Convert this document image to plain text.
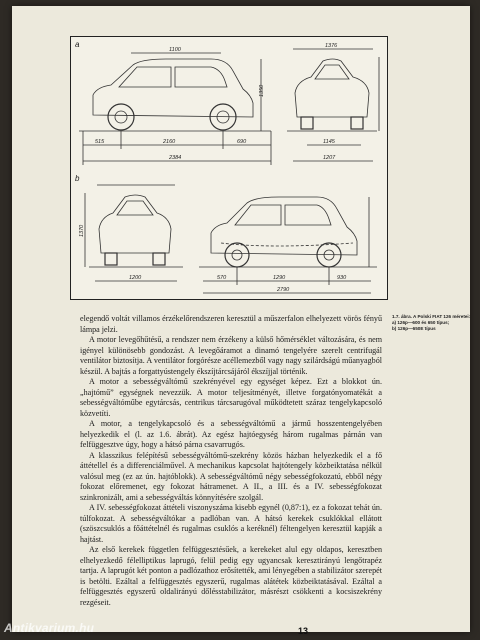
a
b
1100
1350
515	2160	690
2384
1376
1145
1207
1370
1200	570	1290	930
2790
1.7. ábra. A Polski FIAT 126 méretei:
a) 126p—600 és 650 típus;
b) 126p—650E típus

elegendő voltát villamos érzékelőrendszeren keresztül a műszerfalon elhelyezett vörös fényű lámpa jelzi.

A motor levegőhűtésű, a rendszer nem érzékeny a külső hőmérséklet változására, és nem igényel különösebb gondozást. A levegőáramot a dinamó tengelyére szerelt centrifugál ventilátor biztosítja. A ventilátor forgórésze acéllemezből vagy nagy szilárdságú műanyagból készül. A bajtás a forgattyústengely ékszíjtárcsájáról ékszíjjal történik.

A motor a sebességváltómű szekrényével egy egységet képez. Ezt a blokkot ún. „hajtómű” egységnek nevezzük. A motor teljesítményét, illetve forgatónyomatékát a sebességváltóműbe egytárcsás, centrikus tárcsarugóval működtetett száraz tengelykapcsoló közvetíti.

A motor, a tengelykapcsoló és a sebességváltómű a jármű hosszentengelyében helyezkedik el (l. az 1.6. ábrát). Az egész hajtóegység három rugalmas párnán van felfüggesztve úgy, hogy a hátsó párna csavarrugós.

A klasszikus felépítésű sebességváltómű-szekrény közös házban helyezkedik el a fő áttétellel és a differenciálművel. A mechanikus kapcsolat hajtótengely közbeiktatása nélkül valósul meg (ez az ún. hajtóblokk). A sebességváltómű négy sebességfokozatú, ebből négy fokozat előremenet, egy fokozat hátramenet. A II., a III. és a IV. sebességfokozat szinkronizált, ami a sebességváltás könnyítésére szolgál.

A IV. sebességfokozat áttételi viszonyszáma kisebb egynél (0,87:1), ez a fokozat tehát ún. túlfokozat. A sebességváltókar a padlóban van. A hátsó kerekek csuklókkal ellátott (szöszcsuklós a főáttételnél és rugalmas csuklós a keréknél) féltengelyen keresztül kapják a hajtást.

Az első kerekek független felfüggesztésűek, a kerekeket alul egy oldapos, keresztben elhelyezkedő félelliptikus laprugó, felül pedig egy ugyancsak keresztirányú lengőtrapéz tartja. A laprugót két ponton a padlózathoz erősítették, ami lényegében a stabilizátor szerepét is betölti. Ezáltal a felfüggesztés egyszerű, rugalmas alátétek közbeiktatásával. Ezáltal a felfüggesztés egyszerű oldalirányú dőlésstabilizátor, másrészt csökkenti a kocsiszekrény rezgéseit.

13
Antikvarium.hu
